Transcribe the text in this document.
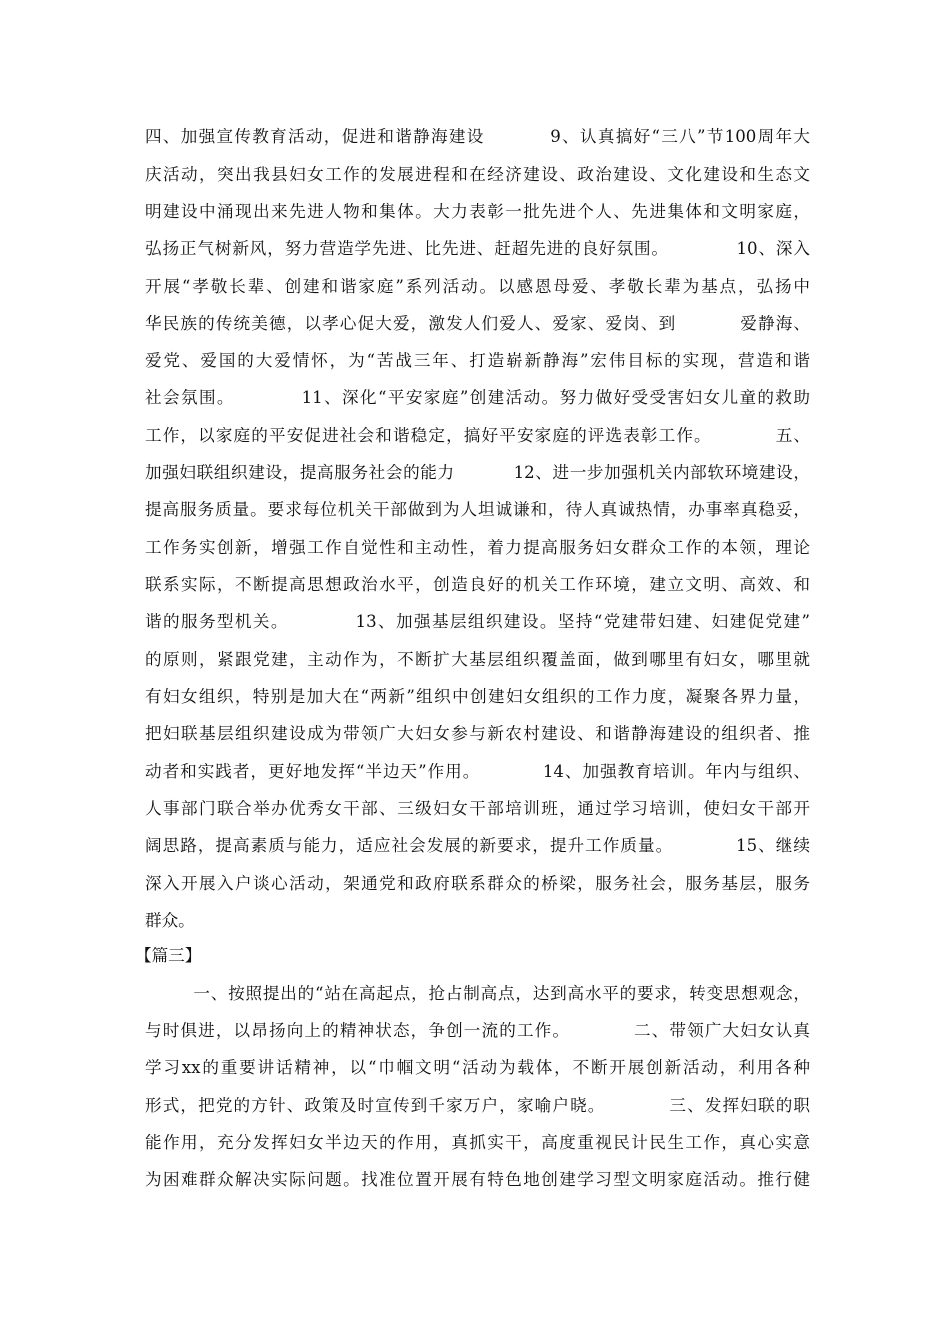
四、加强宣传教育活动，促进和谐静海建设          9、认真搞好“三八”节100周年大
庆活动，突出我县妇女工作的发展进程和在经济建设、政治建设、文化建设和生态文
明建设中涌现出来先进人物和集体。大力表彰一批先进个人、先进集体和文明家庭，
弘扬正气树新风，努力营造学先进、比先进、赶超先进的良好氛围。           10、深入
开展“孝敬长辈、创建和谐家庭”系列活动。以感恩母爱、孝敬长辈为基点，弘扬中
华民族的传统美德，以孝心促大爱，激发人们爱人、爱家、爱岗、到          爱静海、
爱党、爱国的大爱情怀，为“苦战三年、打造崭新静海”宏伟目标的实现，营造和谐
社会氛围。          11、深化“平安家庭”创建活动。努力做好受受害妇女儿童的救助
工作，以家庭的平安促进社会和谐稳定，搞好平安家庭的评选表彰工作。          五、
加强妇联组织建设，提高服务社会的能力          12、进一步加强机关内部软环境建设，
提高服务质量。要求每位机关干部做到为人坦诚谦和，待人真诚热情，办事率真稳妥，
工作务实创新，增强工作自觉性和主动性，着力提高服务妇女群众工作的本领，理论
联系实际，不断提高思想政治水平，创造良好的机关工作环境，建立文明、高效、和
谐的服务型机关。          13、加强基层组织建设。坚持“党建带妇建、妇建促党建”
的原则，紧跟党建，主动作为，不断扩大基层组织覆盖面，做到哪里有妇女，哪里就
有妇女组织，特别是加大在“两新”组织中创建妇女组织的工作力度，凝聚各界力量，
把妇联基层组织建设成为带领广大妇女参与新农村建设、和谐静海建设的组织者、推
动者和实践者，更好地发挥“半边天”作用。          14、加强教育培训。年内与组织、
人事部门联合举办优秀女干部、三级妇女干部培训班，通过学习培训，使妇女干部开
阔思路，提高素质与能力，适应社会发展的新要求，提升工作质量。          15、继续
深入开展入户谈心活动，架通党和政府联系群众的桥梁，服务社会，服务基层，服务
群众。
【篇三】
一、按照提出的“站在高起点，抢占制高点，达到高水平的要求，转变思想观念，
与时俱进，以昂扬向上的精神状态，争创一流的工作。          二、带领广大妇女认真
学习xx的重要讲话精神，以“巾帼文明“活动为载体，不断开展创新活动，利用各种
形式，把党的方针、政策及时宣传到千家万户，家喻户晓。          三、发挥妇联的职
能作用，充分发挥妇女半边天的作用，真抓实干，高度重视民计民生工作，真心实意
为困难群众解决实际问题。找准位置开展有特色地创建学习型文明家庭活动。推行健
